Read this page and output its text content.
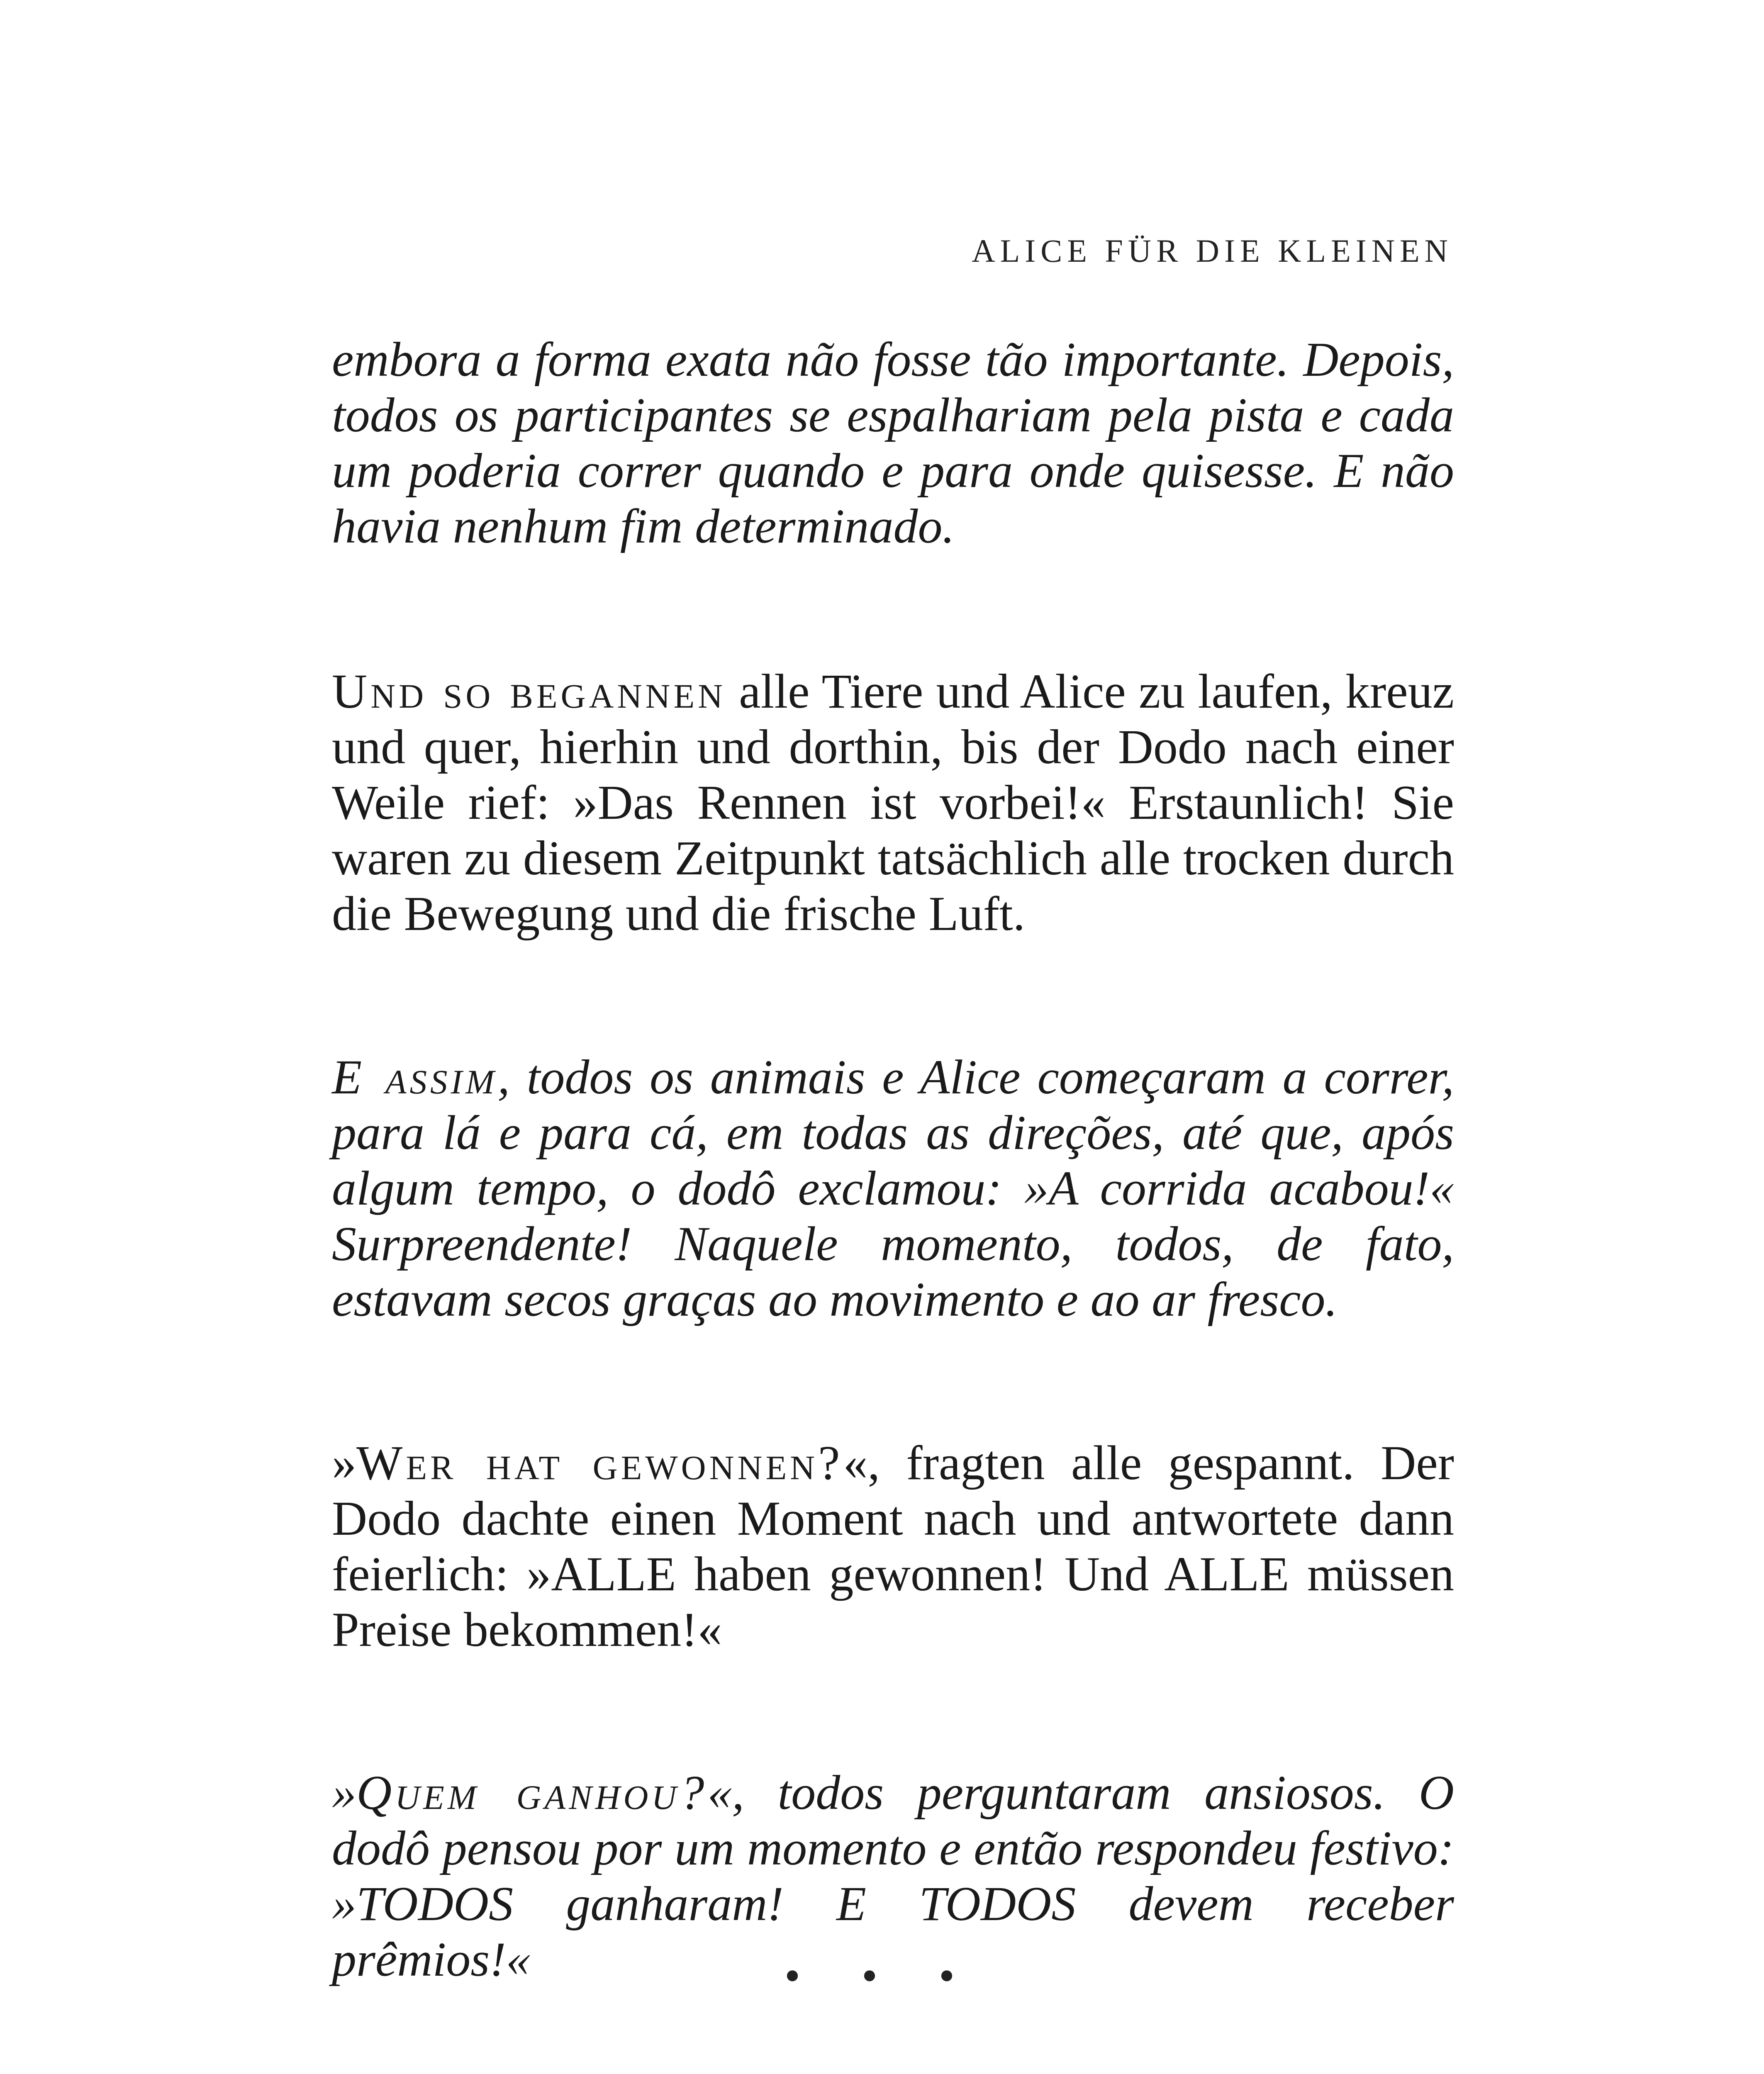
ALICE FÜR DIE KLEINEN

embora a forma exata não fosse tão importante. Depois, todos os participantes se espalhariam pela pista e cada um poderia correr quando e para onde quisesse. E não havia nenhum fim determinado.

Und so begannen alle Tiere und Alice zu laufen, kreuz und quer, hierhin und dorthin, bis der Dodo nach einer Weile rief: »Das Rennen ist vorbei!« Erstaunlich! Sie waren zu diesem Zeitpunkt tatsächlich alle trocken durch die Bewegung und die frische Luft.

E assim, todos os animais e Alice começaram a correr, para lá e para cá, em todas as direções, até que, após algum tempo, o dodô exclamou: »A corrida acabou!« Surpreendente! Naquele momento, todos, de fato, estavam secos graças ao movimento e ao ar fresco.

»Wer hat gewonnen?«, fragten alle gespannt. Der Dodo dachte einen Moment nach und antwortete dann feierlich: »ALLE haben gewonnen! Und ALLE müssen Preise bekommen!«

»Quem ganhou?«, todos perguntaram ansiosos. O dodô pensou por um momento e então respondeu festivo: »TODOS ganharam! E TODOS devem receber prêmios!«	• • •
